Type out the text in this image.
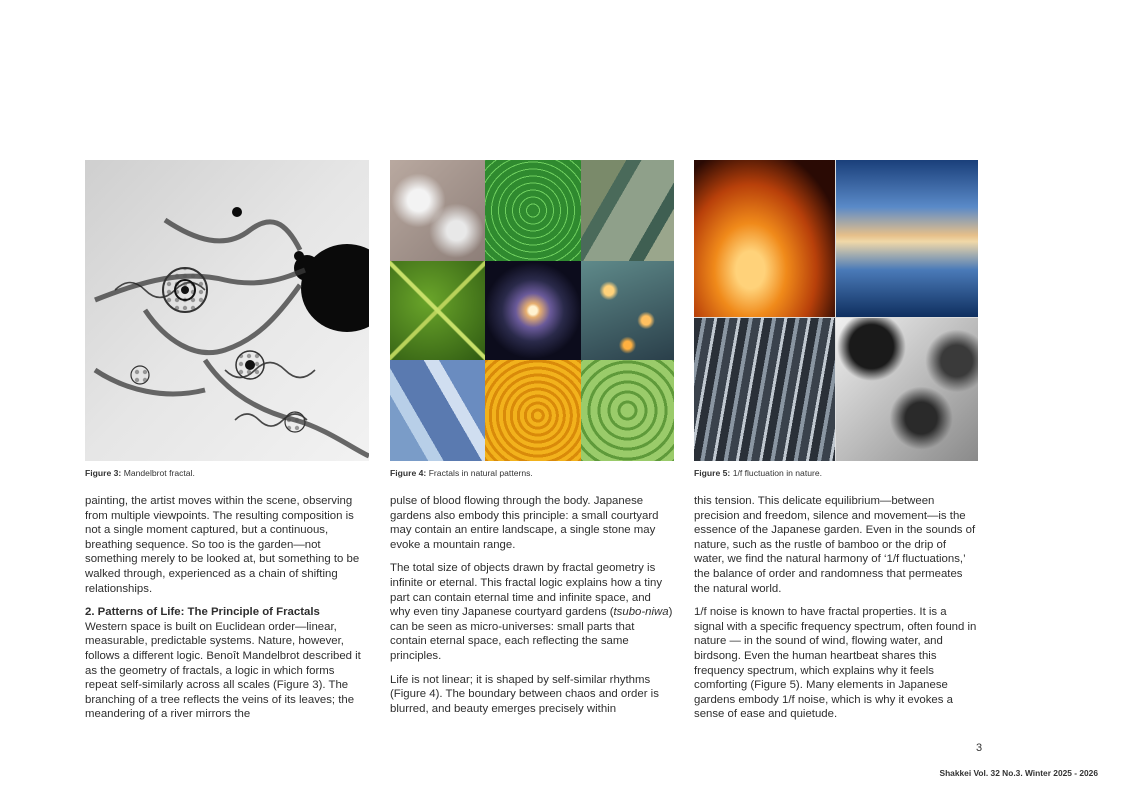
Figure 3: Mandelbrot fractal.

painting, the artist moves within the scene, observing from multiple viewpoints. The resulting composition is not a single moment captured, but a continuous, breathing sequence. So too is the garden—not something merely to be looked at, but something to be walked through, experienced as a chain of shifting relationships.

2. Patterns of Life: The Principle of Fractals

Western space is built on Euclidean order—linear, measurable, predictable systems. Nature, however, follows a different logic. Benoît Mandelbrot described it as the geometry of fractals, a logic in which forms repeat self-similarly across all scales (Figure 3). The branching of a tree reflects the veins of its leaves; the meandering of a river mirrors the

Figure 4: Fractals in natural patterns.

pulse of blood flowing through the body. Japanese gardens also embody this principle: a small courtyard may contain an entire landscape, a single stone may evoke a mountain range.

The total size of objects drawn by fractal geometry is infinite or eternal. This fractal logic explains how a tiny part can contain eternal time and infinite space, and why even tiny Japanese courtyard gardens (tsubo-niwa) can be seen as micro-universes: small parts that contain eternal space, each reflecting the same principles.

Life is not linear; it is shaped by self-similar rhythms (Figure 4). The boundary between chaos and order is blurred, and beauty emerges precisely within

Figure 5: 1/f fluctuation in nature.

this tension. This delicate equilibrium—between precision and freedom, silence and movement—is the essence of the Japanese garden. Even in the sounds of nature, such as the rustle of bamboo or the drip of water, we find the natural harmony of ‘1/f fluctuations,’ the balance of order and randomness that permeates the natural world.

1/f noise is known to have fractal properties. It is a signal with a specific frequency spectrum, often found in nature — in the sound of wind, flowing water, and birdsong. Even the human heartbeat shares this frequency spectrum, which explains why it feels comforting (Figure 5). Many elements in Japanese gardens embody 1/f noise, which is why it evokes a sense of ease and quietude.

3
Shakkei Vol. 32 No.3. Winter 2025 - 2026
